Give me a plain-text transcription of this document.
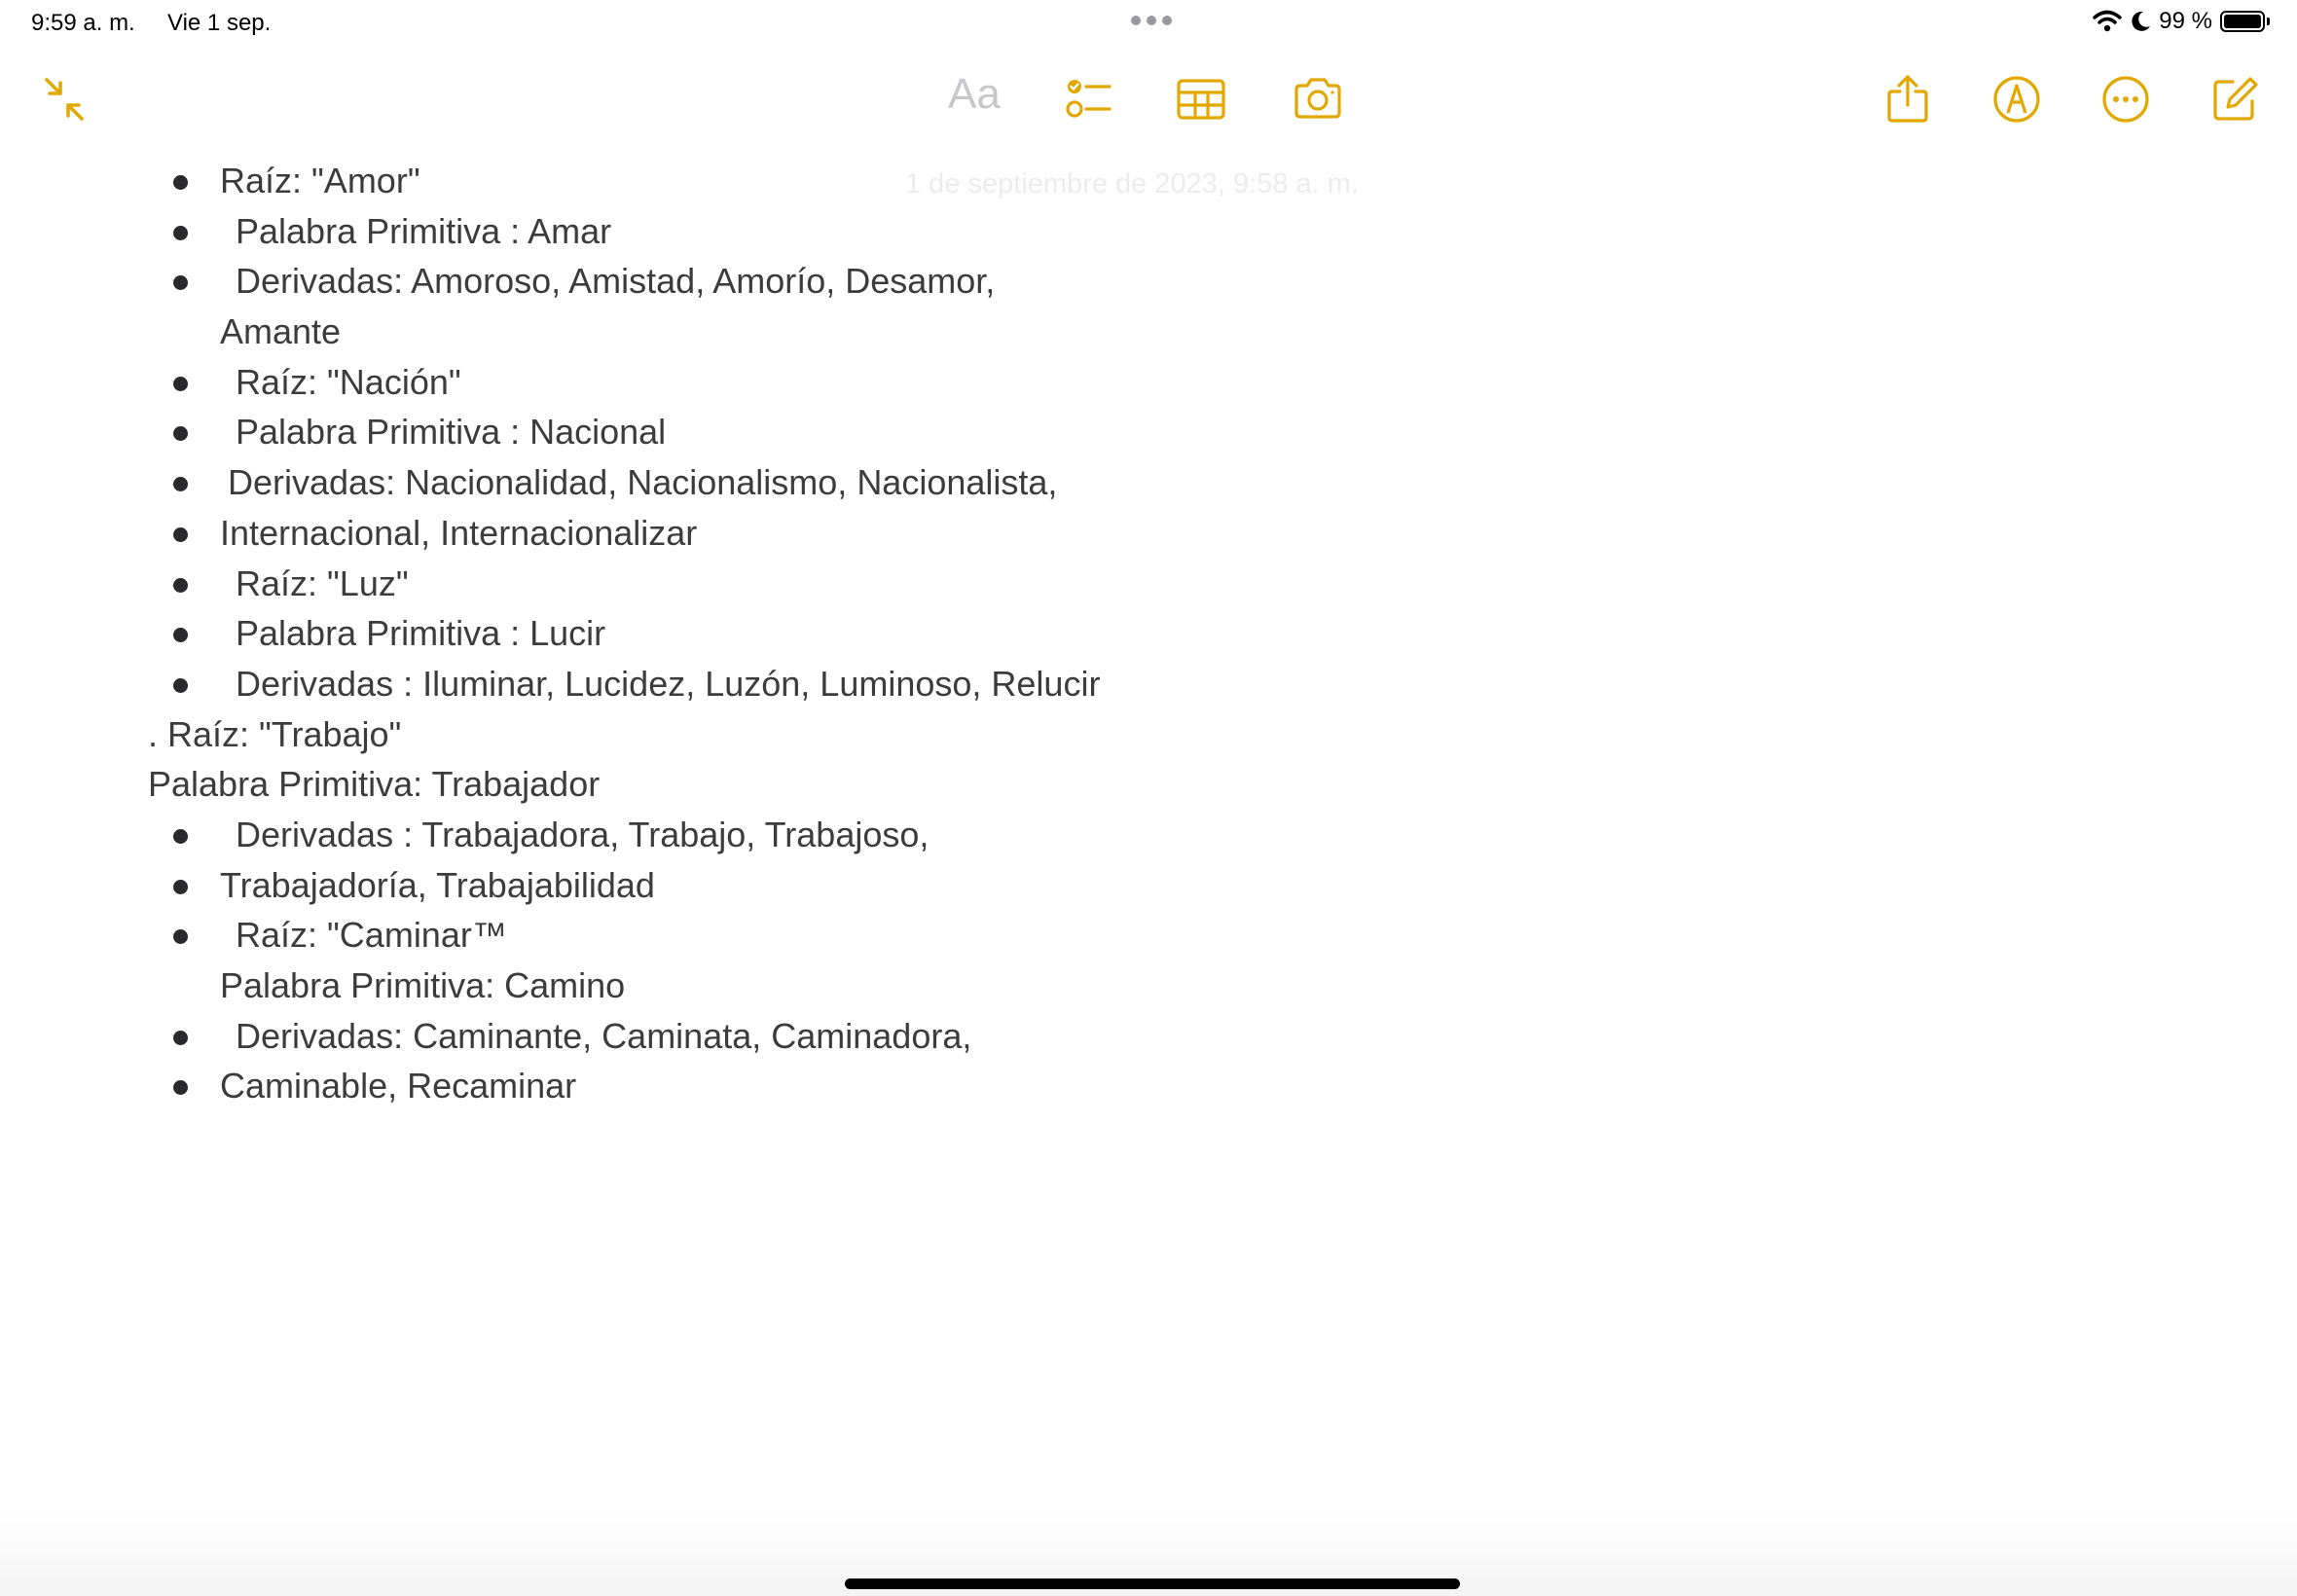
9:59 a. m. Vie 1 sep.	99 %
Aa
1 de septiembre de 2023, 9:58 a. m.
Raíz: "Amor"
Palabra Primitiva : Amar
Derivadas: Amoroso, Amistad, Amorío, Desamor,
Amante
Raíz: "Nación"
Palabra Primitiva : Nacional
Derivadas: Nacionalidad, Nacionalismo, Nacionalista,
Internacional, Internacionalizar
Raíz: "Luz"
Palabra Primitiva : Lucir
Derivadas : Iluminar, Lucidez, Luzón, Luminoso, Relucir
. Raíz: "Trabajo"
Palabra Primitiva: Trabajador
Derivadas : Trabajadora, Trabajo, Trabajoso,
Trabajadoría, Trabajabilidad
Raíz: "Caminar™
Palabra Primitiva: Camino
Derivadas: Caminante, Caminata, Caminadora,
Caminable, Recaminar
